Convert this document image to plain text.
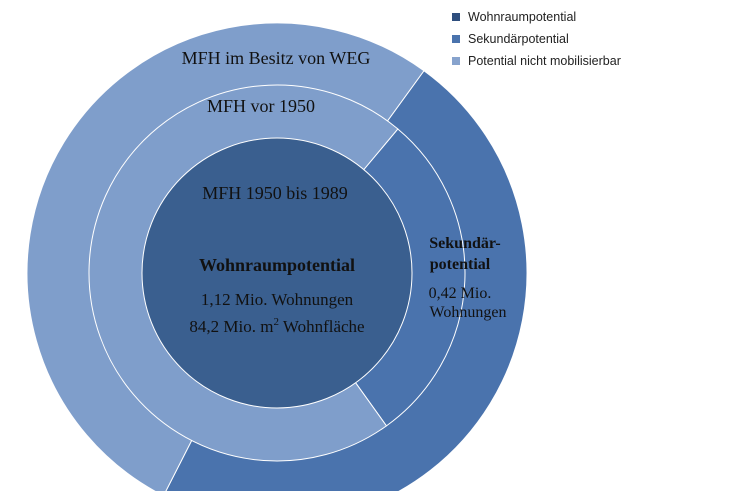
MFH im Besitz von WEG
MFH vor 1950
MFH 1950 bis 1989
Wohnraumpotential
1,12 Mio. Wohnungen
84,2 Mio. $m^2$ Wohnfläche
Sekundär-
potential
0,42 Mio.
Wohnungen
Wohnraumpotential
Sekundärpotential
Potential nicht mobilisierbar
